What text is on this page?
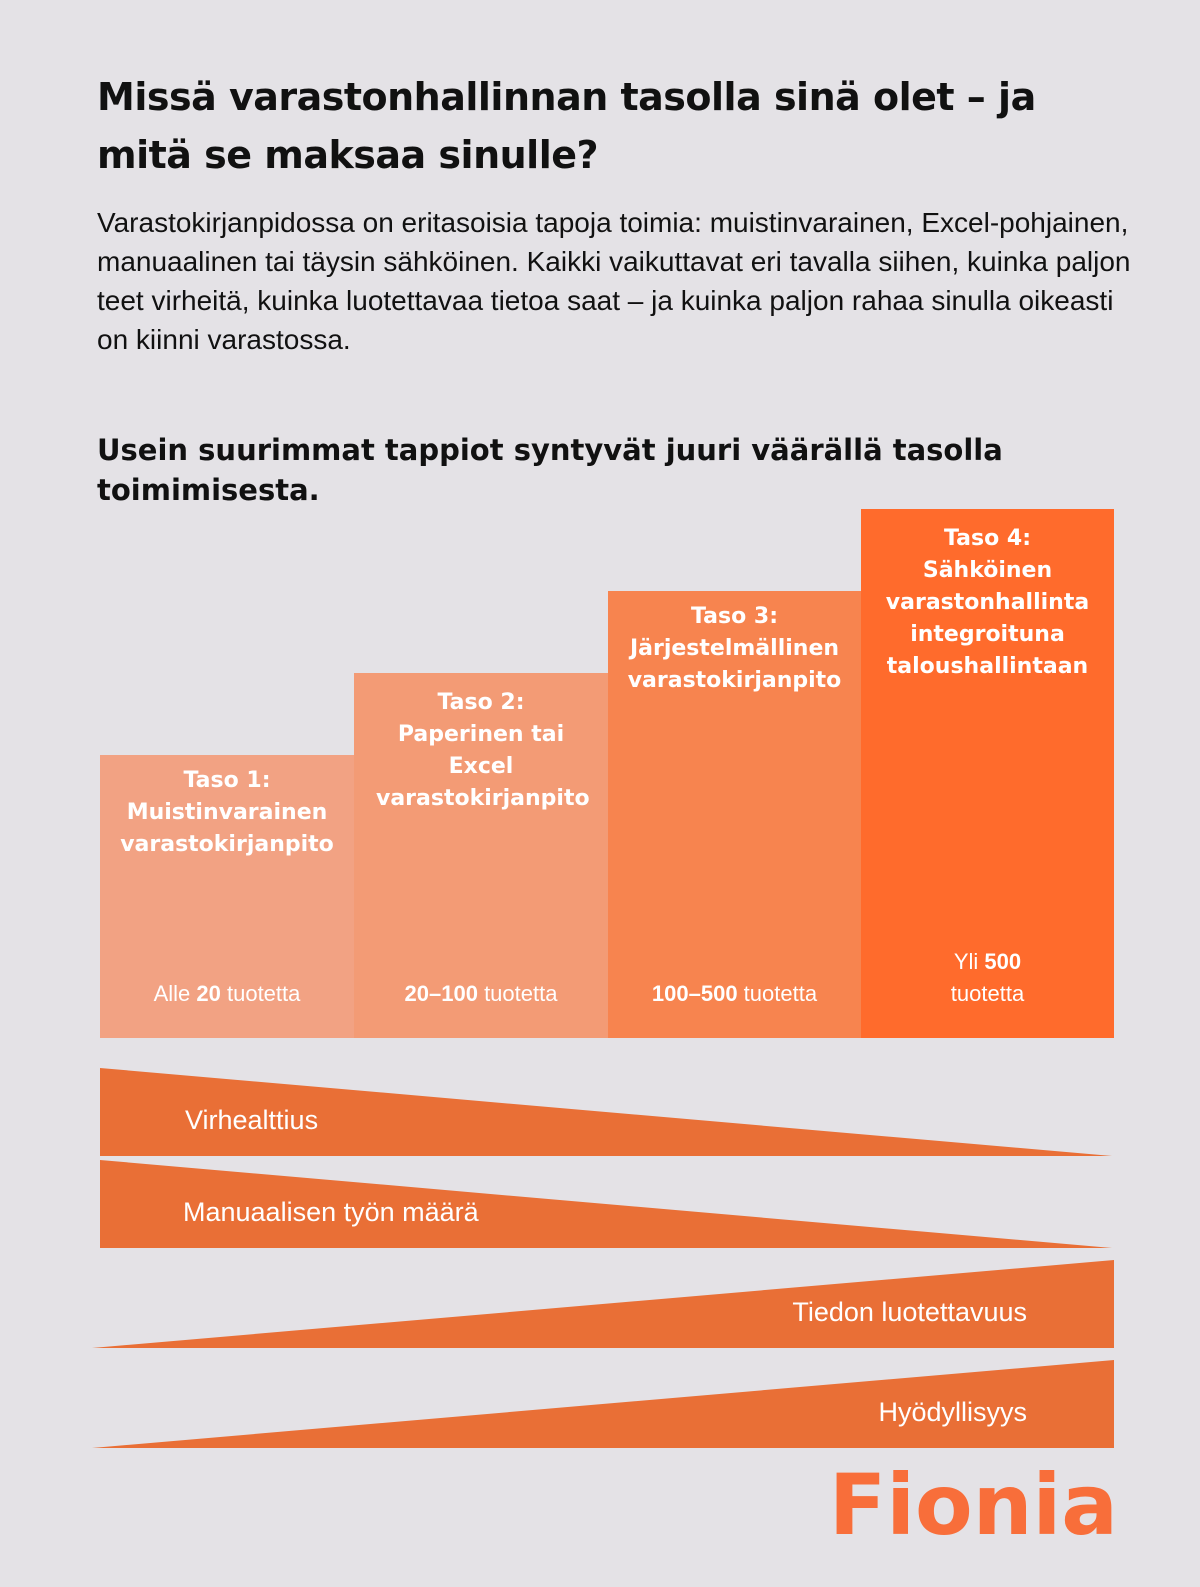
Missä varastonhallinnan tasolla sinä olet – ja mitä se maksaa sinulle?

Varastokirjanpidossa on eritasoisia tapoja toimia: muistinvarainen, Excel-pohjainen, manuaalinen tai täysin sähköinen. Kaikki vaikuttavat eri tavalla siihen, kuinka paljon teet virheitä, kuinka luotettavaa tietoa saat – ja kuinka paljon rahaa sinulla oikeasti on kiinni varastossa.

Usein suurimmat tappiot syntyvät juuri väärällä tasolla toimimisesta.

Taso 1:
Muistinvarainen varastokirjanpito
Alle 20 tuotetta
Taso 2:
Paperinen tai Excel varastokirjanpito
20–100 tuotetta
Taso 3:
Järjestelmällinen varastokirjanpito
100–500 tuotetta
Taso 4:
Sähköinen varastonhallinta integroituna taloushallintaan
Yli 500 tuotetta
Virhealttius
Manuaalisen työn määrä
Tiedon luotettavuus
Hyödyllisyys
Fionia
